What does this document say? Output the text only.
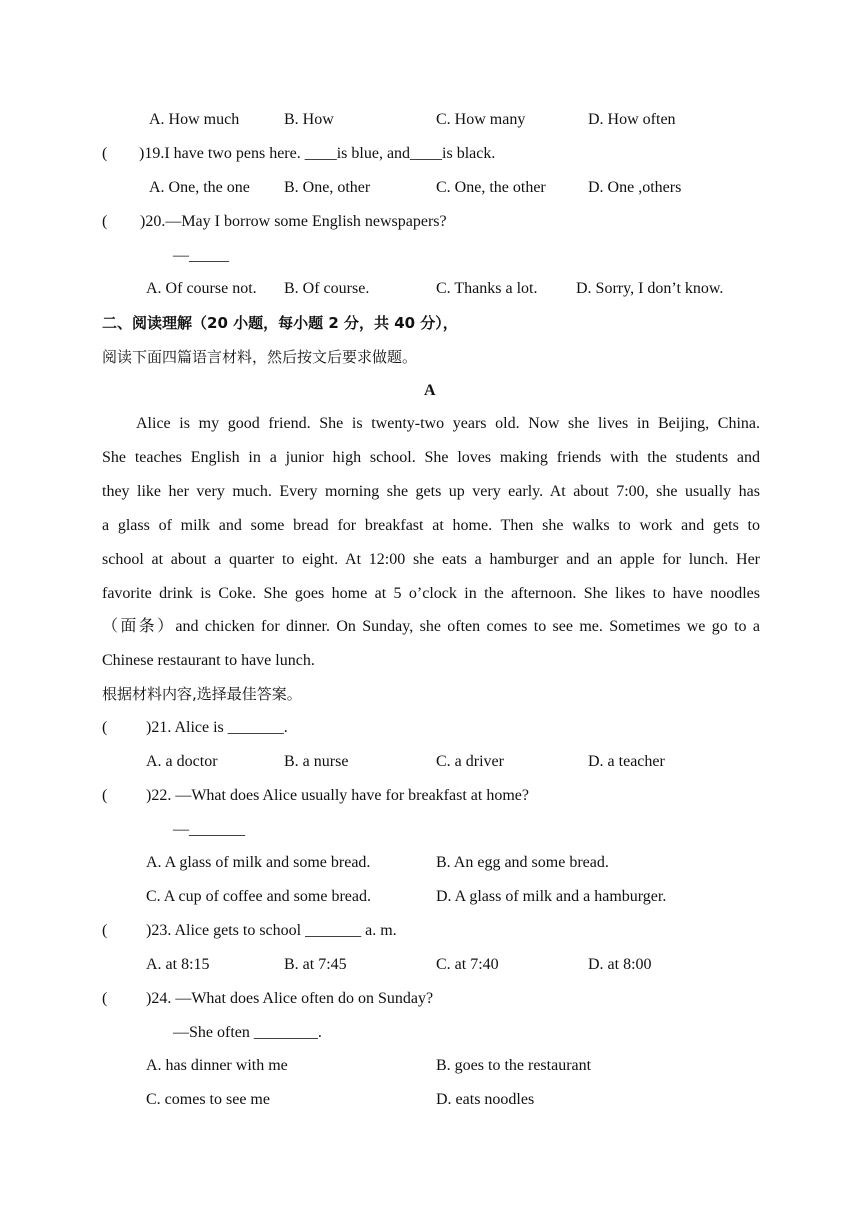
A. How much	B. How	C. How many	D. How often
( )19.I have two pens here. ____is blue, and____is black.
A. One, the one B. One, other	C. One, the other	D. One ,others
( )20.—May I borrow some English newspapers?
—_____
A. Of course not. B. Of course.	C. Thanks a lot. D. Sorry, I don’t know.
二、阅读理解（20 小题，每小题 2 分，共 40 分），
阅读下面四篇语言材料，然后按文后要求做题。
A
Alice is my good friend. She is twenty-two years old. Now she lives in Beijing, China.
She teaches English in a junior high school. She loves making friends with the students and
they like her very much. Every morning she gets up very early. At about 7:00, she usually has
a glass of milk and some bread for breakfast at home. Then she walks to work and gets to
school at about a quarter to eight. At 12:00 she eats a hamburger and an apple for lunch. Her
favorite drink is Coke. She goes home at 5 o’clock in the afternoon. She likes to have noodles
（面条）and chicken for dinner. On Sunday, she often comes to see me. Sometimes we go to a
Chinese restaurant to have lunch.
根据材料内容,选择最佳答案。
( )21. Alice is _______.
A. a doctor	B. a nurse	C. a driver	D. a teacher
( )22. —What does Alice usually have for breakfast at home?
—_______
A. A glass of milk and some bread.	B. An egg and some bread.
C. A cup of coffee and some bread.	D. A glass of milk and a hamburger.
( )23. Alice gets to school _______ a. m.
A. at 8:15	B. at 7:45	C. at 7:40	D. at 8:00
( )24. —What does Alice often do on Sunday?
—She often ________.
A. has dinner with me	B. goes to the restaurant
C. comes to see me	D. eats noodles
